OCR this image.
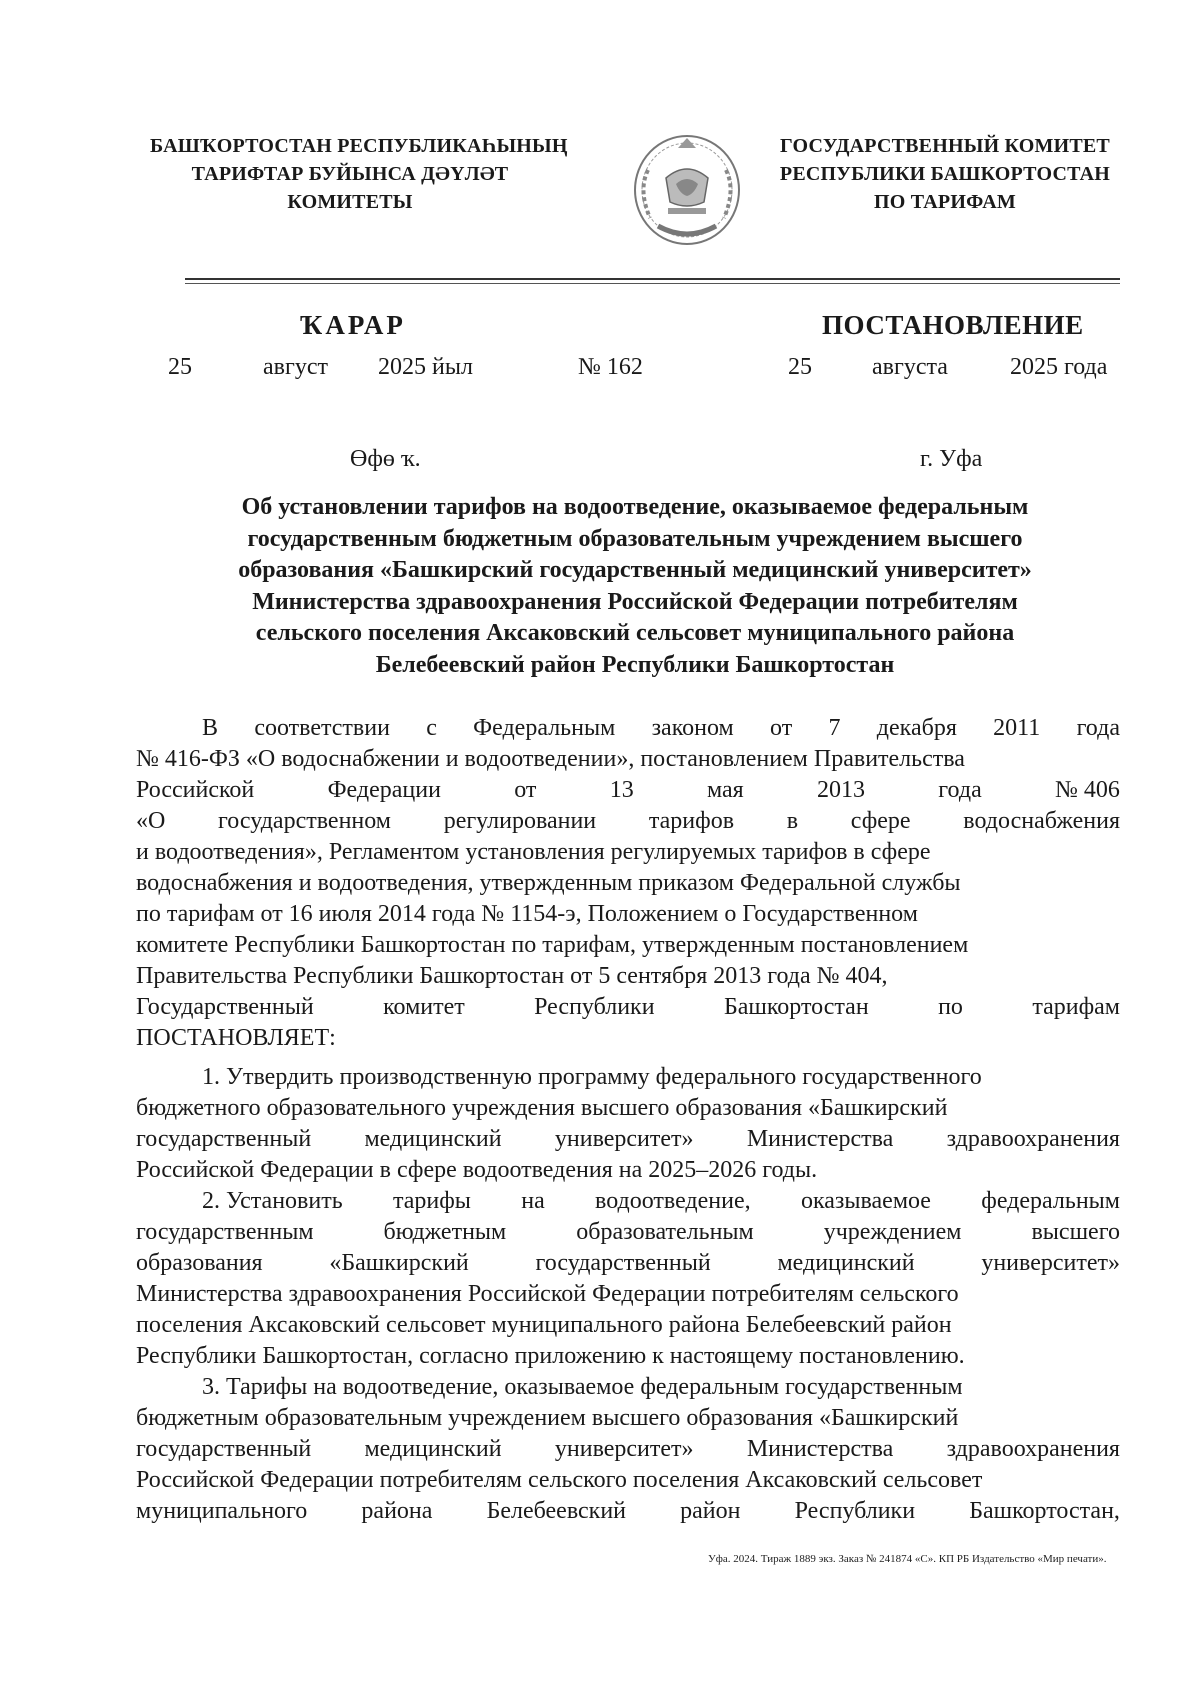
БАШҠОРТОСТАН РЕСПУБЛИКАҺЫНЫҢ
ТАРИФТАР БУЙЫНСА ДӘҮЛӘТ
КОМИТЕТЫ
ГОСУДАРСТВЕННЫЙ КОМИТЕТ
РЕСПУБЛИКИ БАШКОРТОСТАН
ПО ТАРИФАМ
ҠАРАР	ПОСТАНОВЛЕНИЕ
25	август 2025 йыл	№ 162	25	августа	2025 года
Өфө ҡ.	г. Уфа
Об установлении тарифов на водоотведение, оказываемое федеральным
государственным бюджетным образовательным учреждением высшего
образования «Башкирский государственный медицинский университет»
Министерства здравоохранения Российской Федерации потребителям
сельского поселения Аксаковский сельсовет муниципального района
Белебеевский район Республики Башкортостан
В соответствии с Федеральным законом от 7 декабря 2011 года
№ 416-ФЗ «О водоснабжении и водоотведении», постановлением Правительства
Российской	Федерации	от	13	мая	2013	года	№ 406
«О государственном регулировании тарифов в сфере водоснабжения
и водоотведения», Регламентом установления регулируемых тарифов в сфере
водоснабжения и водоотведения, утвержденным приказом Федеральной службы
по тарифам от 16 июля 2014 года № 1154-э, Положением о Государственном
комитете Республики Башкортостан по тарифам, утвержденным постановлением
Правительства Республики Башкортостан от 5 сентября 2013 года № 404,
Государственный	комитет	Республики	Башкортостан	по	тарифам
ПОСТАНОВЛЯЕТ:
1. Утвердить производственную программу федерального государственного
бюджетного образовательного учреждения высшего образования «Башкирский
государственный медицинский университет» Министерства здравоохранения
Российской Федерации в сфере водоотведения на 2025–2026 годы.
2. Установить тарифы на водоотведение, оказываемое федеральным
государственным	бюджетным	образовательным	учреждением	высшего
образования	«Башкирский	государственный	медицинский	университет»
Министерства здравоохранения Российской Федерации потребителям сельского
поселения Аксаковский сельсовет муниципального района Белебеевский район
Республики Башкортостан, согласно приложению к настоящему постановлению.
3. Тарифы на водоотведение, оказываемое федеральным государственным
бюджетным образовательным учреждением высшего образования «Башкирский
государственный медицинский университет» Министерства здравоохранения
Российской Федерации потребителям сельского поселения Аксаковский сельсовет
муниципального района Белебеевский район Республики Башкортостан,
Уфа. 2024. Тираж 1889 экз. Заказ № 241874 «С». КП РБ Издательство «Мир печати».
